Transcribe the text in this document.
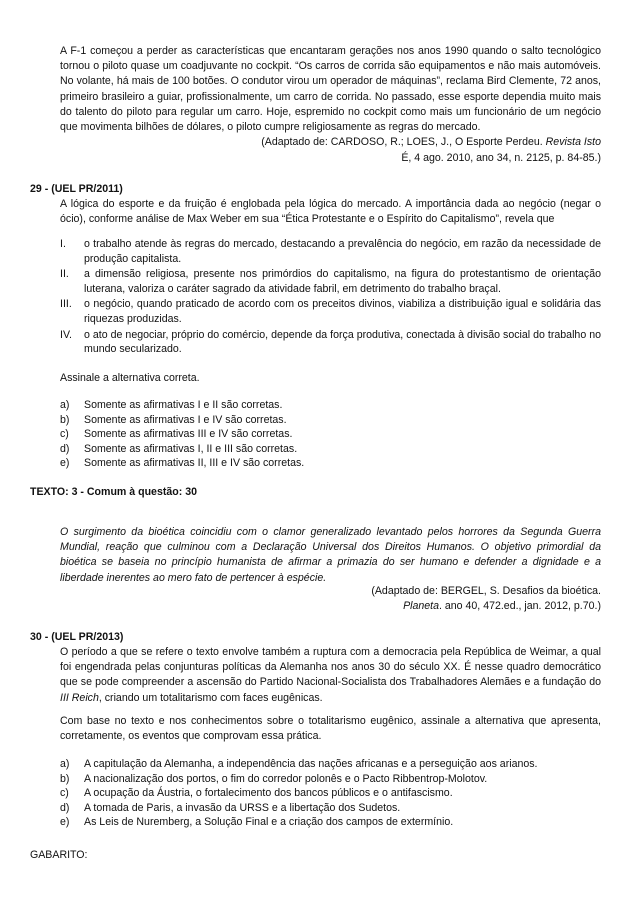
A F-1 começou a perder as características que encantaram gerações nos anos 1990 quando o salto tecnológico tornou o piloto quase um coadjuvante no cockpit. “Os carros de corrida são equipamentos e não mais automóveis. No volante, há mais de 100 botões. O condutor virou um operador de máquinas”, reclama Bird Clemente, 72 anos, primeiro brasileiro a guiar, profissionalmente, um carro de corrida. No passado, esse esporte dependia muito mais do talento do piloto para regular um carro. Hoje, espremido no cockpit como mais um funcionário de um negócio que movimenta bilhões de dólares, o piloto cumpre religiosamente as regras do mercado.

(Adaptado de: CARDOSO, R.; LOES, J., O Esporte Perdeu. Revista Isto

É, 4 ago. 2010, ano 34, n. 2125, p. 84-85.)

29 - (UEL PR/2011)

A lógica do esporte e da fruição é englobada pela lógica do mercado. A importância dada ao negócio (negar o ócio), conforme análise de Max Weber em sua “Ética Protestante e o Espírito do Capitalismo”, revela que

I. o trabalho atende às regras do mercado, destacando a prevalência do negócio, em razão da necessidade de produção capitalista.
II. a dimensão religiosa, presente nos primórdios do capitalismo, na figura do protestantismo de orientação luterana, valoriza o caráter sagrado da atividade fabril, em detrimento do trabalho braçal.
III. o negócio, quando praticado de acordo com os preceitos divinos, viabiliza a distribuição igual e solidária das riquezas produzidas.
IV. o ato de negociar, próprio do comércio, depende da força produtiva, conectada à divisão social do trabalho no mundo secularizado.

Assinale a alternativa correta.

a) Somente as afirmativas I e II são corretas.
b) Somente as afirmativas I e IV são corretas.
c) Somente as afirmativas III e IV são corretas.
d) Somente as afirmativas I, II e III são corretas.
e) Somente as afirmativas II, III e IV são corretas.

TEXTO: 3 - Comum à questão: 30

O surgimento da bioética coincidiu com o clamor generalizado levantado pelos horrores da Segunda Guerra Mundial, reação que culminou com a Declaração Universal dos Direitos Humanos. O objetivo primordial da bioética se baseia no princípio humanista de afirmar a primazia do ser humano e defender a dignidade e a liberdade inerentes ao mero fato de pertencer à espécie.

(Adaptado de: BERGEL, S. Desafios da bioética.

Planeta. ano 40, 472.ed., jan. 2012, p.70.)

30 - (UEL PR/2013)

O período a que se refere o texto envolve também a ruptura com a democracia pela República de Weimar, a qual foi engendrada pelas conjunturas políticas da Alemanha nos anos 30 do século XX. É nesse quadro democrático que se pode compreender a ascensão do Partido Nacional-Socialista dos Trabalhadores Alemães e a fundação do III Reich, criando um totalitarismo com faces eugênicas.

Com base no texto e nos conhecimentos sobre o totalitarismo eugênico, assinale a alternativa que apresenta, corretamente, os eventos que comprovam essa prática.

a) A capitulação da Alemanha, a independência das nações africanas e a perseguição aos arianos.
b) A nacionalização dos portos, o fim do corredor polonês e o Pacto Ribbentrop-Molotov.
c) A ocupação da Áustria, o fortalecimento dos bancos públicos e o antifascismo.
d) A tomada de Paris, a invasão da URSS e a libertação dos Sudetos.
e) As Leis de Nuremberg, a Solução Final e a criação dos campos de extermínio.

GABARITO:
